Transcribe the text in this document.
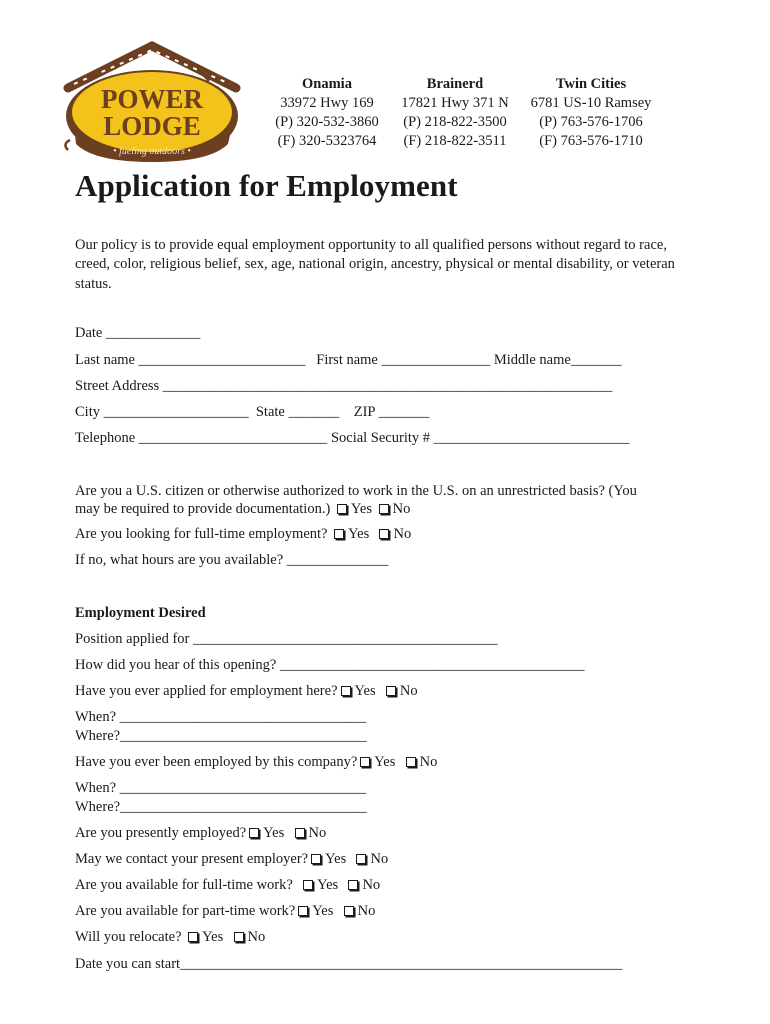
POWER
LODGE
• fueling outdoors •
Onamia
33972 Hwy 169
(P) 320-532-3860
(F) 320-5323764
Brainerd
17821 Hwy 371 N
(P) 218-822-3500
(F) 218-822-3511
Twin Cities
6781 US-10 Ramsey
(P) 763-576-1706
(F) 763-576-1710
Application for Employment
Our policy is to provide equal employment opportunity to all qualified persons without regard to race, creed, color, religious belief, sex, age, national origin, ancestry, physical or mental disability, or veteran status.
Date _____________
Last name _______________________ First name _______________ Middle name_______
Street Address ______________________________________________________________
City ____________________ State _______ ZIP _______
Telephone __________________________ Social Security # ___________________________
Are you a U.S. citizen or otherwise authorized to work in the U.S. on an unrestricted basis? (You
may be required to provide documentation.) Yes No
Are you looking for full-time employment? Yes No
If no, what hours are you available? ______________
Employment Desired
Position applied for __________________________________________
How did you hear of this opening? __________________________________________
Have you ever applied for employment here? Yes No
When? __________________________________
Where?__________________________________
Have you ever been employed by this company? Yes No
When? __________________________________
Where?__________________________________
Are you presently employed? Yes No
May we contact your present employer? Yes No
Are you available for full-time work? Yes No
Are you available for part-time work? Yes No
Will you relocate? Yes No
Date you can start_____________________________________________________________
